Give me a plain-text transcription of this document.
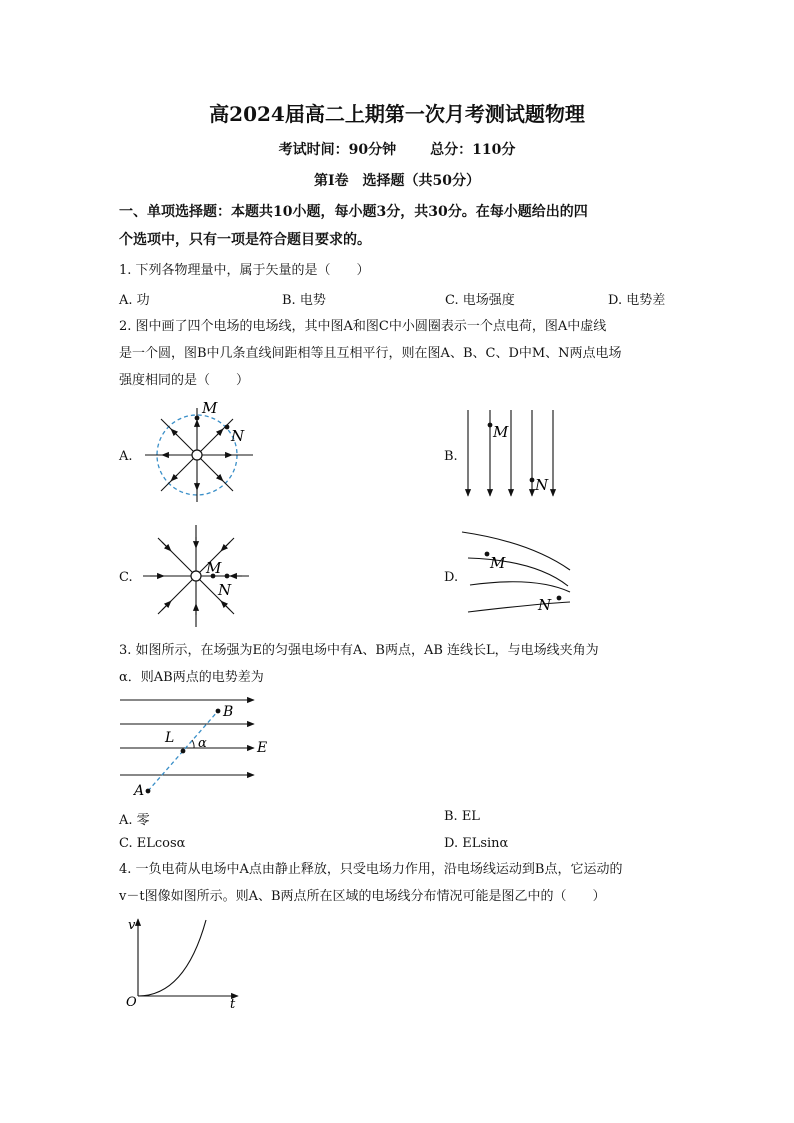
高2024届高二上期第一次月考测试题物理
考试时间：90分钟 总分：110分
第Ⅰ卷　选择题（共50分）
一、单项选择题：本题共10小题，每小题3分，共30分。在每小题给出的四
个选项中，只有一项是符合题目要求的。
1. 下列各物理量中，属于矢量的是（　　）
A. 功	B. 电势	C. 电场强度	D. 电势差
2. 图中画了四个电场的电场线，其中图A和图C中小圆圈表示一个点电荷，图A中虚线
是一个圆，图B中几条直线间距相等且互相平行，则在图A、B、C、D中M、N两点电场
强度相同的是（　　）
A.	B.
C.	D.
M
N	M
N
M
N
M
N
3. 如图所示，在场强为E的匀强电场中有A、B两点，AB 连线长L，与电场线夹角为
α．则AB两点的电势差为
A
B
L α	E
A. 零	B. EL
C. ELcosα	D. ELsinα
4. 一负电荷从电场中A点由静止释放，只受电场力作用，沿电场线运动到B点，它运动的
v－t图像如图所示。则A、B两点所在区域的电场线分布情况可能是图乙中的（　　）
v
t
O
